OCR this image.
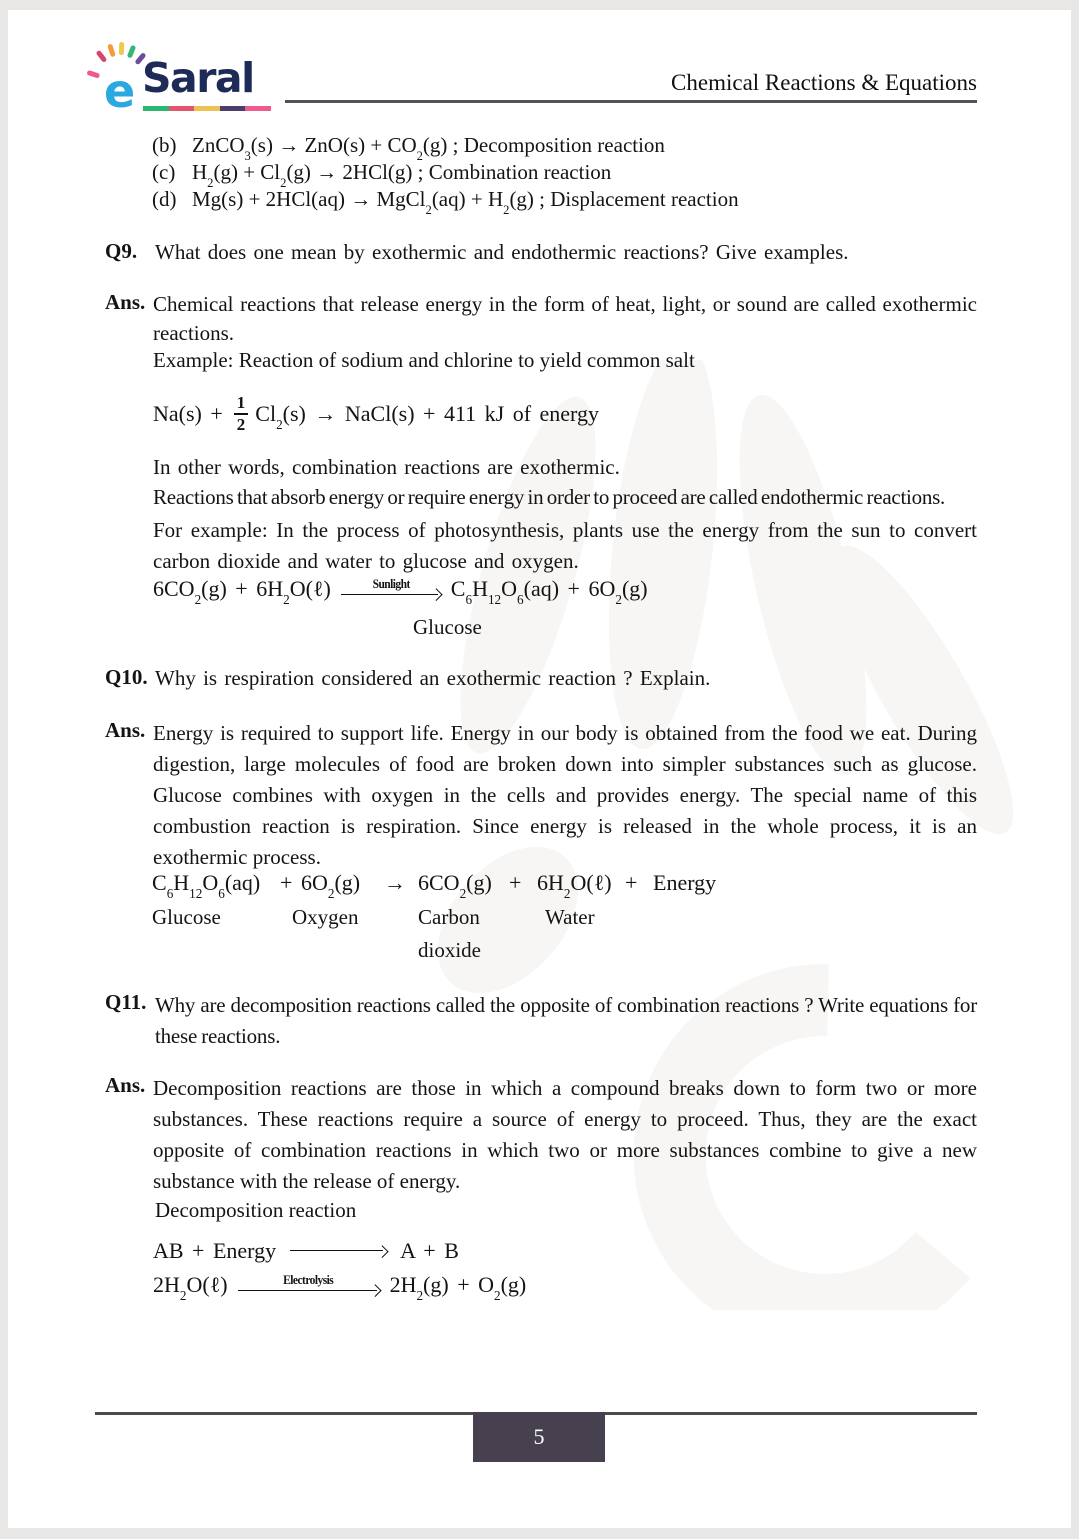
e Saral	Chemical Reactions & Equations
(b) ZnCO$_3$(s) → $ZnO(s) + CO_2(g)$ ; Decomposition reaction
(c) $H_2(g) + Cl_2(g) \to 2HCl(g)$ ; Combination reaction
(d) Mg(s) + 2HCl(aq) → MgCl$_2$(aq) + $H_2(g)$ ; Displacement reaction
Q9. What does one mean by exothermic and endothermic reactions? Give examples.
Ans. Chemical reactions that release energy in the form of heat, light, or sound are called exothermic reactions.
Example: Reaction of sodium and chlorine to yield common salt
$Na(s) + \frac{1}{2} Cl_2(s)$ → NaCl(s) + 411 kJ of energy
In other words, combination reactions are exothermic.
Reactions that absorb energy or require energy in order to proceed are called endothermic reactions.
For example: In the process of photosynthesis, plants use the energy from the sun to convert carbon dioxide and water to glucose and oxygen.
$6CO_2(g)$ + $6H_2O(\ell)$	Sunlight $C_6H_{12}O_6(aq) + 6O_2(g)$
Glucose
Q10. Why is respiration considered an exothermic reaction ? Explain.
Ans. Energy is required to support life. Energy in our body is obtained from the food we eat. During digestion, large molecules of food are broken down into simpler substances such as glucose. Glucose combines with oxygen in the cells and provides energy. The special name of this combustion reaction is respiration. Since energy is released in the whole process, it is an exothermic process.
$C_6H_{12}O_6(aq) + 6O_2(g) \to 6CO_2(g)$ + $6H_2O(\ell)$ + Energy
Glucose	Oxygen	Carbon	Water
dioxide
Q11. Why are decomposition reactions called the opposite of combination reactions ? Write equations for these reactions.
Ans. Decomposition reactions are those in which a compound breaks down to form two or more substances. These reactions require a source of energy to proceed. Thus, they are the exact opposite of combination reactions in which two or more substances combine to give a new substance with the release of energy.
Decomposition reaction
AB + Energy	A + B
$2H_2O(\ell)$	Electrolysis	$2H_2(g) + O_2(g)$
5
